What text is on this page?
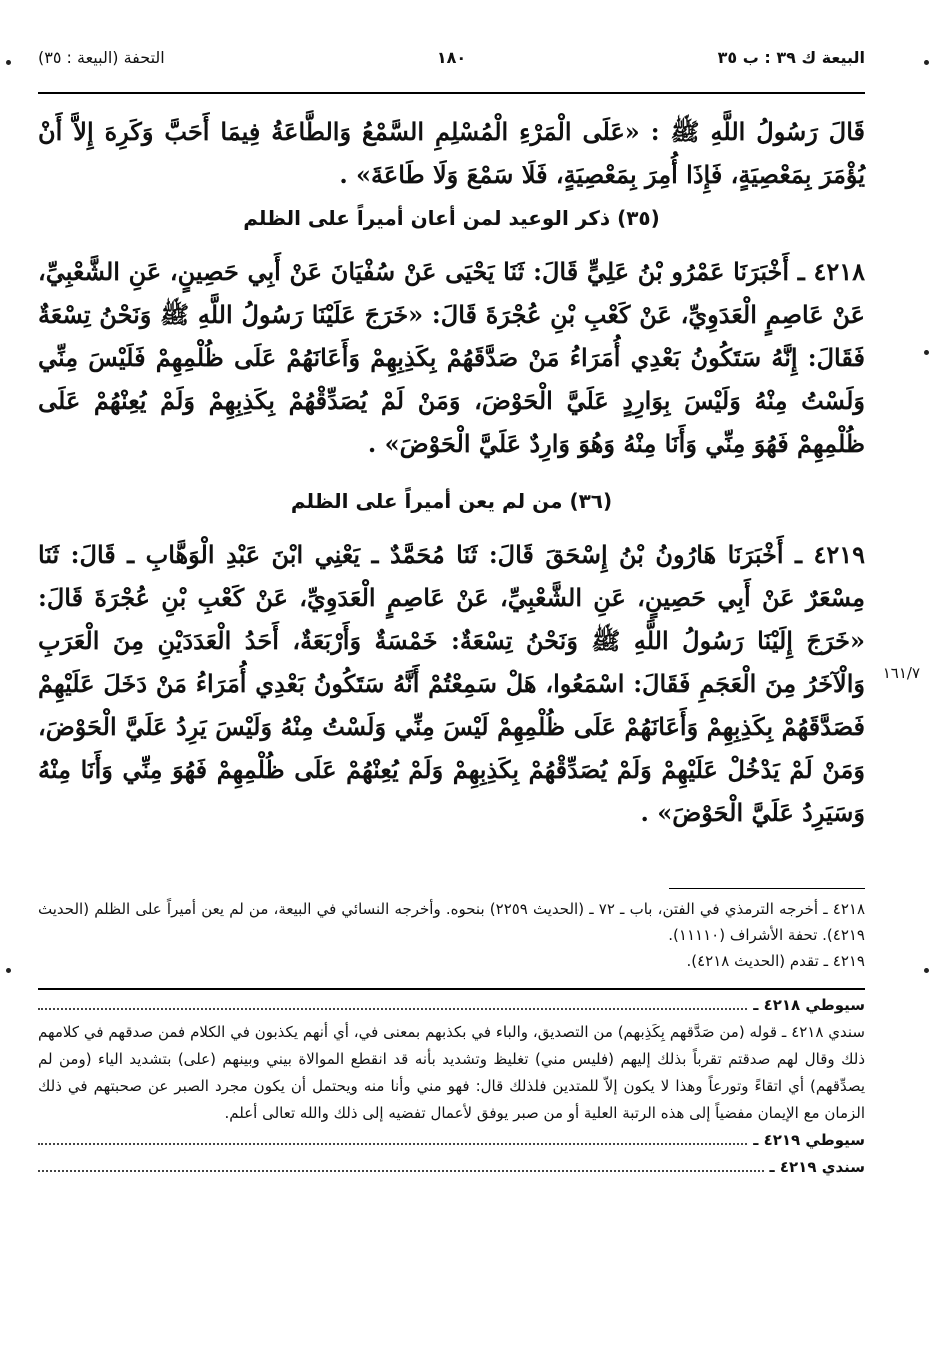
البيعة ك ٣٩ : ب ٣٥
١٨٠
التحفة (البيعة : ٣٥)

قَالَ رَسُولُ اللَّهِ ﷺ : «عَلَى الْمَرْءِ الْمُسْلِمِ السَّمْعُ وَالطَّاعَةُ فِيمَا أَحَبَّ وَكَرِهَ إِلاَّ أَنْ يُؤْمَرَ بِمَعْصِيَةٍ، فَإِذَا أُمِرَ بِمَعْصِيَةٍ، فَلَا سَمْعَ وَلَا طَاعَةَ» .

(٣٥) ذكر الوعيد لمن أعان أميراً على الظلم

٤٢١٨ ـ أَخْبَرَنَا عَمْرُو بْنُ عَلِيٍّ قَالَ: ثَنَا يَحْيَى عَنْ سُفْيَانَ عَنْ أَبِي حَصِينٍ، عَنِ الشَّعْبِيِّ، عَنْ عَاصِمٍ الْعَدَوِيِّ، عَنْ كَعْبِ بْنِ عُجْرَةَ قَالَ: «خَرَجَ عَلَيْنَا رَسُولُ اللَّهِ ﷺ وَنَحْنُ تِسْعَةٌ فَقَالَ: إِنَّهُ سَتَكُونُ بَعْدِي أُمَرَاءُ مَنْ صَدَّقَهُمْ بِكَذِبِهِمْ وَأَعَانَهُمْ عَلَى ظُلْمِهِمْ فَلَيْسَ مِنِّي وَلَسْتُ مِنْهُ وَلَيْسَ بِوَارِدٍ عَلَيَّ الْحَوْضَ، وَمَنْ لَمْ يُصَدِّقْهُمْ بِكَذِبِهِمْ وَلَمْ يُعِنْهُمْ عَلَى ظُلْمِهِمْ فَهُوَ مِنِّي وَأَنَا مِنْهُ وَهُوَ وَارِدٌ عَلَيَّ الْحَوْضَ» .

(٣٦) من لم يعن أميراً على الظلم

٤٢١٩ ـ أَخْبَرَنَا هَارُونُ بْنُ إِسْحَقَ قَالَ: ثَنَا مُحَمَّدٌ ـ يَعْنِي ابْنَ عَبْدِ الْوَهَّابِ ـ قَالَ: ثَنَا مِسْعَرٌ عَنْ أَبِي حَصِينٍ، عَنِ الشَّعْبِيِّ، عَنْ عَاصِمٍ الْعَدَوِيِّ، عَنْ كَعْبِ بْنِ عُجْرَةَ قَالَ: «خَرَجَ إِلَيْنَا رَسُولُ اللَّهِ ﷺ وَنَحْنُ تِسْعَةٌ: خَمْسَةٌ وَأَرْبَعَةٌ، أَحَدُ الْعَدَدَيْنِ مِنَ الْعَرَبِ وَالْآخَرُ مِنَ الْعَجَمِ فَقَالَ: اسْمَعُوا، هَلْ سَمِعْتُمْ أَنَّهُ سَتَكُونُ بَعْدِي أُمَرَاءُ مَنْ دَخَلَ عَلَيْهِمْ فَصَدَّقَهُمْ بِكَذِبِهِمْ وَأَعَانَهُمْ عَلَى ظُلْمِهِمْ لَيْسَ مِنِّي وَلَسْتُ مِنْهُ وَلَيْسَ يَرِدُ عَلَيَّ الْحَوْضَ، وَمَنْ لَمْ يَدْخُلْ عَلَيْهِمْ وَلَمْ يُصَدِّقْهُمْ بِكَذِبِهِمْ وَلَمْ يُعِنْهُمْ عَلَى ظُلْمِهِمْ فَهُوَ مِنِّي وَأَنَا مِنْهُ وَسَيَرِدُ عَلَيَّ الْحَوْضَ» .

١٦١/٧

٤٢١٨ ـ أخرجه الترمذي في الفتن، باب ـ ٧٢ ـ (الحديث ٢٢٥٩) بنحوه. وأخرجه النسائي في البيعة، من لم يعن أميراً على الظلم (الحديث ٤٢١٩). تحفة الأشراف (١١١١٠).

٤٢١٩ ـ تقدم (الحديث ٤٢١٨).

سيوطي ٤٢١٨ ـ

سندي ٤٢١٨ ـ قوله (من صَدَّقهم بِكَذِبهم) من التصديق، والباء في بكذبهم بمعنى في، أي أنهم يكذبون في الكلام فمن صدقهم في كلامهم ذلك وقال لهم صدقتم تقرباً بذلك إليهم (فليس مني) تغليظ وتشديد بأنه قد انقطع الموالاة بيني وبينهم (على) بتشديد الياء (ومن لم يصدِّقهم) أي اتقاءً وتورعاً وهذا لا يكون إلاّ للمتدين فلذلك قال: فهو مني وأنا منه ويحتمل أن يكون مجرد الصبر عن صحبتهم في ذلك الزمان مع الإيمان مفضياً إلى هذه الرتبة العلية أو من صبر يوفق لأعمال تفضيه إلى ذلك والله تعالى أعلم.

سيوطي ٤٢١٩ ـ
سندي ٤٢١٩ ـ
